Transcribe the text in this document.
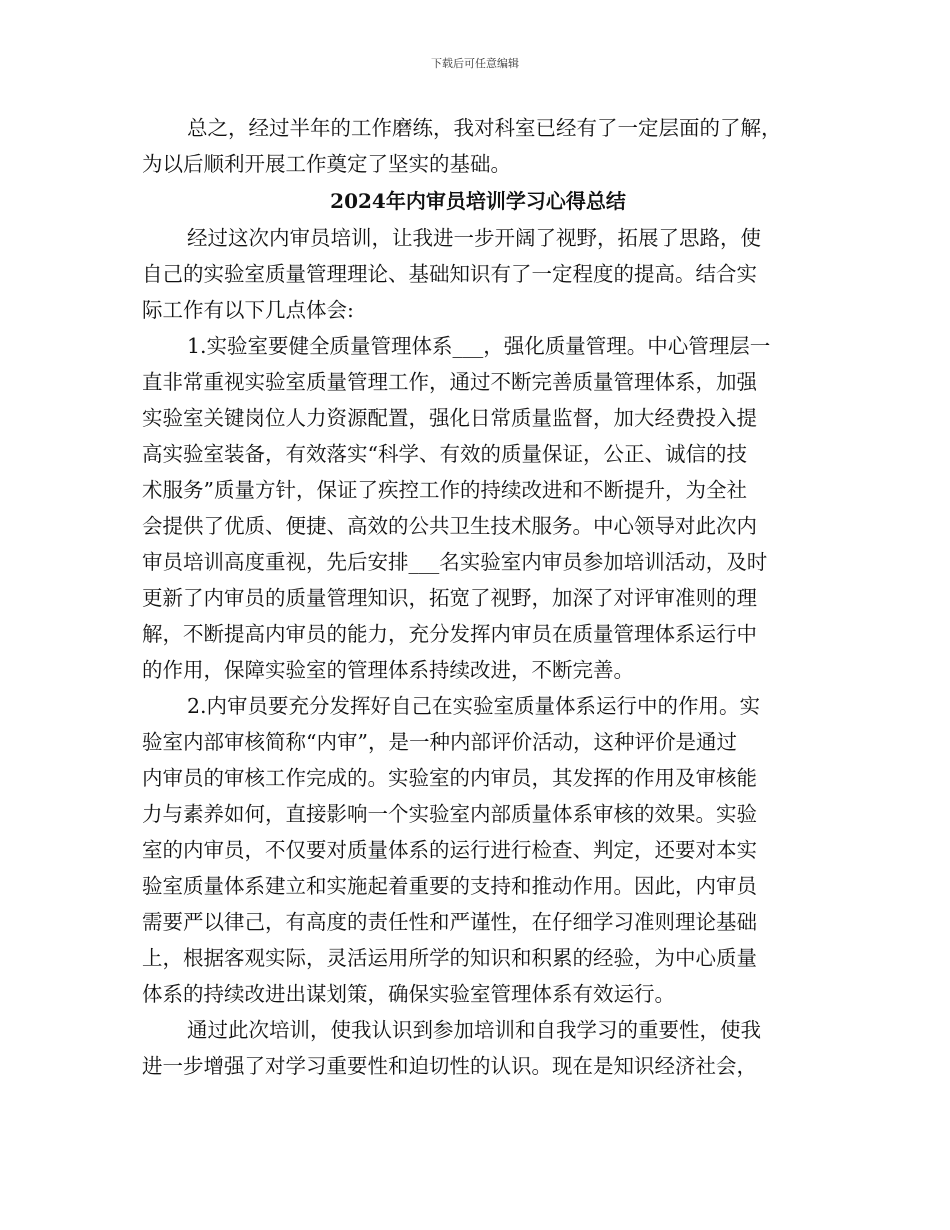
下载后可任意编辑
总之，经过半年的工作磨练，我对科室已经有了一定层面的了解，
为以后顺利开展工作奠定了坚实的基础。
2024年内审员培训学习心得总结
经过这次内审员培训，让我进一步开阔了视野，拓展了思路，使
自己的实验室质量管理理论、基础知识有了一定程度的提高。结合实
际工作有以下几点体会:
1.实验室要健全质量管理体系___，强化质量管理。中心管理层一
直非常重视实验室质量管理工作，通过不断完善质量管理体系，加强
实验室关键岗位人力资源配置，强化日常质量监督，加大经费投入提
高实验室装备，有效落实“科学、有效的质量保证，公正、诚信的技
术服务”质量方针，保证了疾控工作的持续改进和不断提升，为全社
会提供了优质、便捷、高效的公共卫生技术服务。中心领导对此次内
审员培训高度重视，先后安排___名实验室内审员参加培训活动，及时
更新了内审员的质量管理知识，拓宽了视野，加深了对评审准则的理
解，不断提高内审员的能力，充分发挥内审员在质量管理体系运行中
的作用，保障实验室的管理体系持续改进，不断完善。
2.内审员要充分发挥好自己在实验室质量体系运行中的作用。实
验室内部审核简称“内审”，是一种内部评价活动，这种评价是通过
内审员的审核工作完成的。实验室的内审员，其发挥的作用及审核能
力与素养如何，直接影响一个实验室内部质量体系审核的效果。实验
室的内审员，不仅要对质量体系的运行进行检查、判定，还要对本实
验室质量体系建立和实施起着重要的支持和推动作用。因此，内审员
需要严以律己，有高度的责任性和严谨性，在仔细学习准则理论基础
上，根据客观实际，灵活运用所学的知识和积累的经验，为中心质量
体系的持续改进出谋划策，确保实验室管理体系有效运行。
通过此次培训，使我认识到参加培训和自我学习的重要性，使我
进一步增强了对学习重要性和迫切性的认识。现在是知识经济社会，
